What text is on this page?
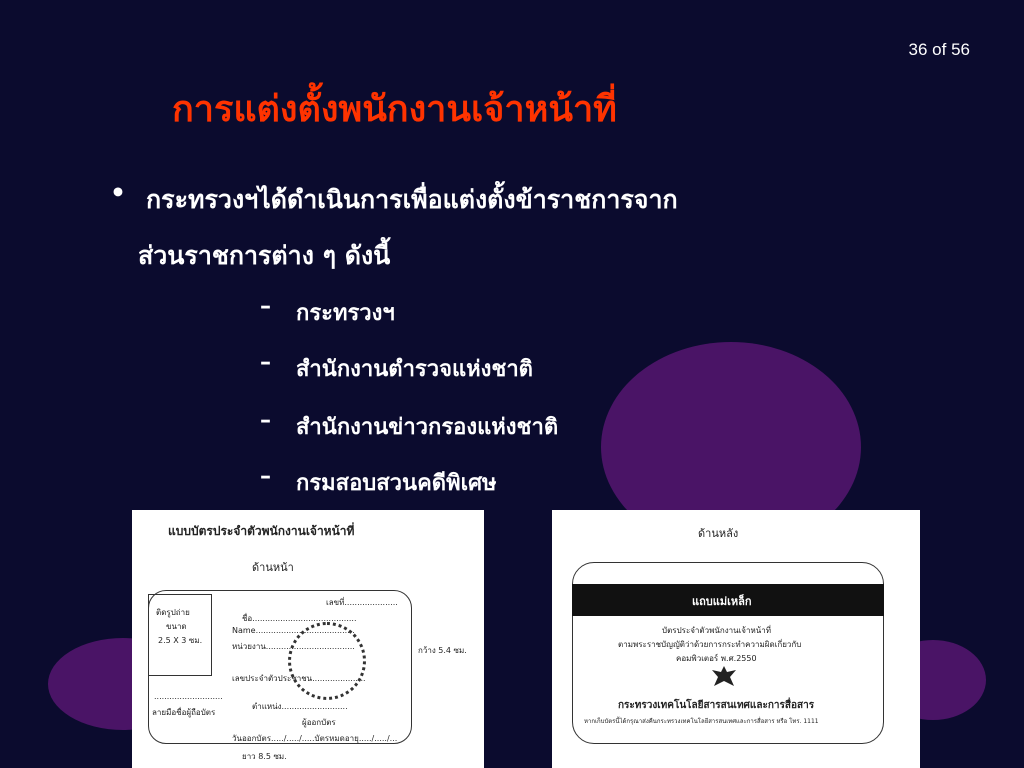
36 of 56
การแต่งตั้งพนักงานเจ้าหน้าที่
• กระทรวงฯได้ดำเนินการเพื่อแต่งตั้งข้าราชการจาก
ส่วนราชการต่าง ๆ ดังนี้
– กระทรวงฯ
– สำนักงานตำรวจแห่งชาติ
– สำนักงานข่าวกรองแห่งชาติ
– กรมสอบสวนคดีพิเศษ
แบบบัตรประจำตัวพนักงานเจ้าหน้าที่
ด้านหน้า
ติดรูปถ่าย
ขนาด
2.5 X 3 ซม.
...........................
ลายมือชื่อผู้ถือบัตร
เลขที่.....................
ชื่อ.........................................
Name.......................................
หน่วยงาน...................................
เลขประจำตัวประชาชน.....................
ตำแหน่ง..........................
ผู้ออกบัตร
วันออกบัตร...../...../.....บัตรหมดอายุ...../...../...
กว้าง 5.4 ซม.
ยาว 8.5 ซม.
ด้านหลัง
แถบแม่เหล็ก
บัตรประจำตัวพนักงานเจ้าหน้าที่
ตามพระราชบัญญัติว่าด้วยการกระทำความผิดเกี่ยวกับ
คอมพิวเตอร์ พ.ศ.2550
กระทรวงเทคโนโลยีสารสนเทศและการสื่อสาร
หากเก็บบัตรนี้ได้กรุณาส่งคืนกระทรวงเทคโนโลยีสารสนเทศและการสื่อสาร หรือ โทร. 1111
